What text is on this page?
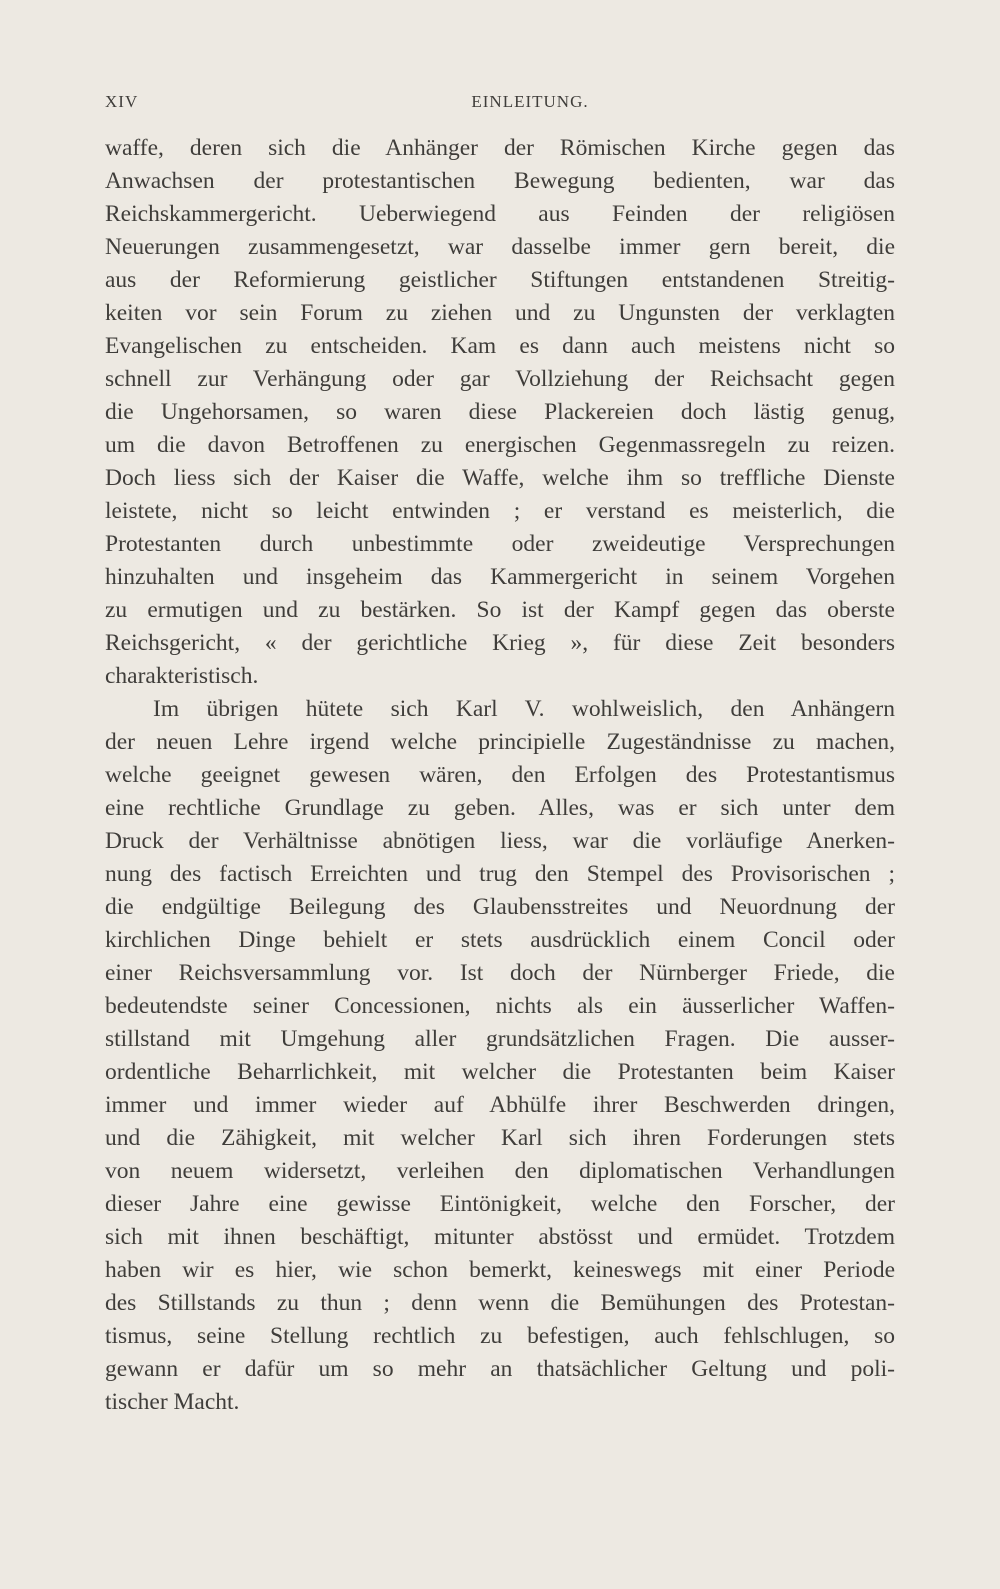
XIV	EINLEITUNG.
waffe, deren sich die Anhänger der Römischen Kirche gegen das
Anwachsen der protestantischen Bewegung bedienten, war das
Reichskammergericht. Ueberwiegend aus Feinden der religiösen
Neuerungen zusammengesetzt, war dasselbe immer gern bereit, die
aus der Reformierung geistlicher Stiftungen entstandenen Streitig-
keiten vor sein Forum zu ziehen und zu Ungunsten der verklagten
Evangelischen zu entscheiden. Kam es dann auch meistens nicht so
schnell zur Verhängung oder gar Vollziehung der Reichsacht gegen
die Ungehorsamen, so waren diese Plackereien doch lästig genug,
um die davon Betroffenen zu energischen Gegenmassregeln zu reizen.
Doch liess sich der Kaiser die Waffe, welche ihm so treffliche Dienste
leistete, nicht so leicht entwinden ; er verstand es meisterlich, die
Protestanten durch unbestimmte oder zweideutige Versprechungen
hinzuhalten und insgeheim das Kammergericht in seinem Vorgehen
zu ermutigen und zu bestärken. So ist der Kampf gegen das oberste
Reichsgericht, « der gerichtliche Krieg », für diese Zeit besonders
charakteristisch.
Im übrigen hütete sich Karl V. wohlweislich, den Anhängern
der neuen Lehre irgend welche principielle Zugeständnisse zu machen,
welche geeignet gewesen wären, den Erfolgen des Protestantismus
eine rechtliche Grundlage zu geben. Alles, was er sich unter dem
Druck der Verhältnisse abnötigen liess, war die vorläufige Anerken-
nung des factisch Erreichten und trug den Stempel des Provisorischen ;
die endgültige Beilegung des Glaubensstreites und Neuordnung der
kirchlichen Dinge behielt er stets ausdrücklich einem Concil oder
einer Reichsversammlung vor. Ist doch der Nürnberger Friede, die
bedeutendste seiner Concessionen, nichts als ein äusserlicher Waffen-
stillstand mit Umgehung aller grundsätzlichen Fragen. Die ausser-
ordentliche Beharrlichkeit, mit welcher die Protestanten beim Kaiser
immer und immer wieder auf Abhülfe ihrer Beschwerden dringen,
und die Zähigkeit, mit welcher Karl sich ihren Forderungen stets
von neuem widersetzt, verleihen den diplomatischen Verhandlungen
dieser Jahre eine gewisse Eintönigkeit, welche den Forscher, der
sich mit ihnen beschäftigt, mitunter abstösst und ermüdet. Trotzdem
haben wir es hier, wie schon bemerkt, keineswegs mit einer Periode
des Stillstands zu thun ; denn wenn die Bemühungen des Protestan-
tismus, seine Stellung rechtlich zu befestigen, auch fehlschlugen, so
gewann er dafür um so mehr an thatsächlicher Geltung und poli-
tischer Macht.
